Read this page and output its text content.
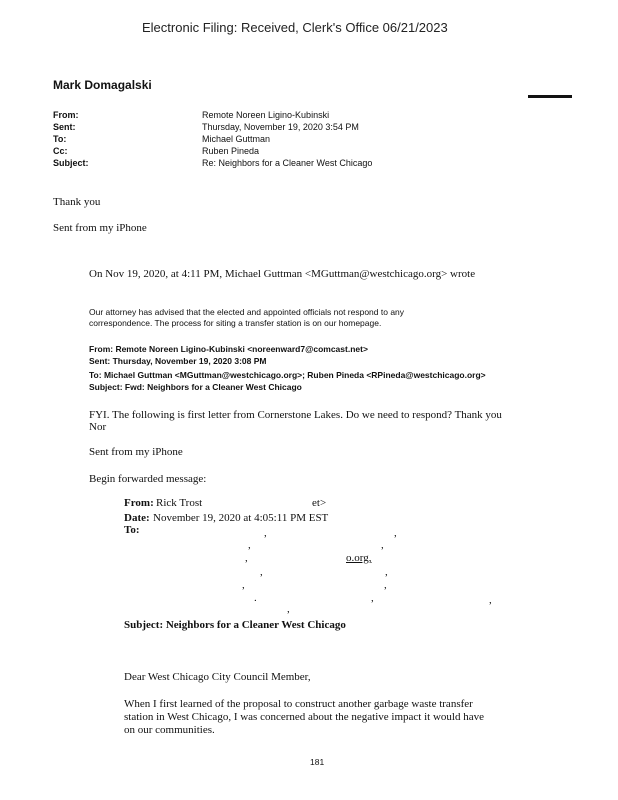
Electronic Filing: Received, Clerk's Office 06/21/2023
Mark Domagalski
From:	Remote Noreen Ligino-Kubinski
Sent:	Thursday, November 19, 2020 3:54 PM
To:	Michael Guttman
Cc:	Ruben Pineda
Subject:	Re: Neighbors for a Cleaner West Chicago
Thank you
Sent from my iPhone
On Nov 19, 2020, at 4:11 PM, Michael Guttman <MGuttman@westchicago.org> wrote
Our attorney has advised that the elected and appointed officials not respond to any
correspondence. The process for siting a transfer station is on our homepage.
From: Remote Noreen Ligino-Kubinski <noreenward7@comcast.net>
Sent: Thursday, November 19, 2020 3:08 PM
To: Michael Guttman <MGuttman@westchicago.org>; Ruben Pineda <RPineda@westchicago.org>
Subject: Fwd: Neighbors for a Cleaner West Chicago
FYI. The following is first letter from Cornerstone Lakes. Do we need to respond? Thank you
Nor
Sent from my iPhone
Begin forwarded message:
From: Rick Trost	et>
Date: November 19, 2020 at 4:05:11 PM EST
To:	,	,
,	,
,	o.org,
,	,
,	,
.	,	,
,
Subject: Neighbors for a Cleaner West Chicago
Dear West Chicago City Council Member,
When I first learned of the proposal to construct another garbage waste transfer
station in West Chicago, I was concerned about the negative impact it would have
on our communities.
181
